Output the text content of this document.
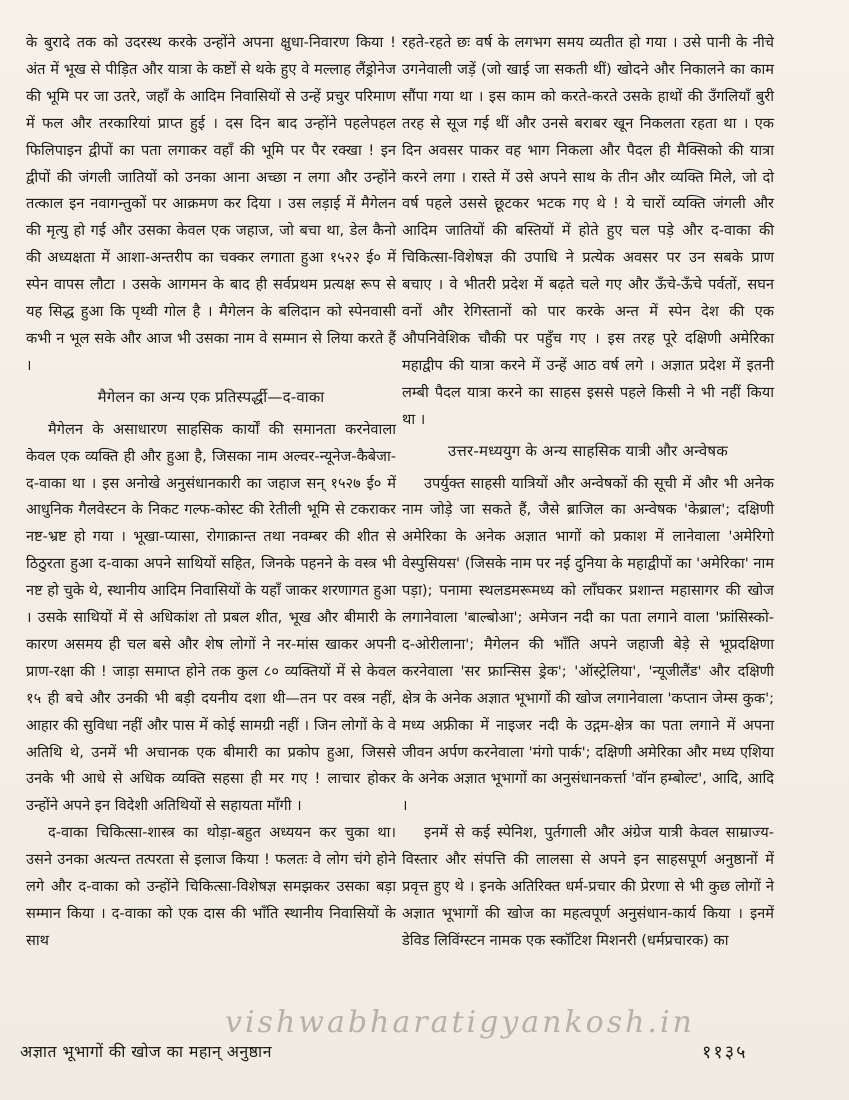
के बुरादे तक को उदरस्थ करके उन्होंने अपना क्षुधा-निवारण किया ! अंत में भूख से पीड़ित और यात्रा के कष्टों से थके हुए वे मल्लाह लैंड्रोनेज की भूमि पर जा उतरे, जहाँ के आदिम निवासियों से उन्हें प्रचुर परिमाण में फल और तरकारियां प्राप्त हुई । दस दिन बाद उन्होंने पहलेपहल फिलिपाइन द्वीपों का पता लगाकर वहाँ की भूमि पर पैर रक्खा ! इन द्वीपों की जंगली जातियों को उनका आना अच्छा न लगा और उन्होंने तत्काल इन नवागन्तुकों पर आक्रमण कर दिया । उस लड़ाई में मैगेलन की मृत्यु हो गई और उसका केवल एक जहाज, जो बचा था, डेल कैनो की अध्यक्षता में आशा-अन्तरीप का चक्कर लगाता हुआ १५२२ ई० में स्पेन वापस लौटा । उसके आगमन के बाद ही सर्वप्रथम प्रत्यक्ष रूप से यह सिद्ध हुआ कि पृथ्वी गोल है । मैगेलन के बलिदान को स्पेनवासी कभी न भूल सके और आज भी उसका नाम वे सम्मान से लिया करते हैं ।

मैगेलन का अन्य एक प्रतिस्पर्द्धी—द-वाका

मैगेलन के असाधारण साहसिक कार्यों की समानता करनेवाला केवल एक व्यक्ति ही और हुआ है, जिसका नाम अल्वर-न्यूनेज-कैबेजा-द-वाका था । इस अनोखे अनुसंधानकारी का जहाज सन् १५२७ ई० में आधुनिक गैलवेस्टन के निकट गल्फ-कोस्ट की रेतीली भूमि से टकराकर नष्ट-भ्रष्ट हो गया । भूखा-प्यासा, रोगाक्रान्त तथा नवम्बर की शीत से ठिठुरता हुआ द-वाका अपने साथियों सहित, जिनके पहनने के वस्त्र भी नष्ट हो चुके थे, स्थानीय आदिम निवासियों के यहाँ जाकर शरणागत हुआ । उसके साथियों में से अधिकांश तो प्रबल शीत, भूख और बीमारी के कारण असमय ही चल बसे और शेष लोगों ने नर-मांस खाकर अपनी प्राण-रक्षा की ! जाड़ा समाप्त होने तक कुल ८० व्यक्तियों में से केवल १५ ही बचे और उनकी भी बड़ी दयनीय दशा थी—तन पर वस्त्र नहीं, आहार की सुविधा नहीं और पास में कोई सामग्री नहीं । जिन लोगों के वे अतिथि थे, उनमें भी अचानक एक बीमारी का प्रकोप हुआ, जिससे उनके भी आधे से अधिक व्यक्ति सहसा ही मर गए ! लाचार होकर उन्होंने अपने इन विदेशी अतिथियों से सहायता माँगी ।

द-वाका चिकित्सा-शास्त्र का थोड़ा-बहुत अध्ययन कर चुका था। उसने उनका अत्यन्त तत्परता से इलाज किया ! फलतः वे लोग चंगे होने लगे और द-वाका को उन्होंने चिकित्सा-विशेषज्ञ समझकर उसका बड़ा सम्मान किया । द-वाका को एक दास की भाँति स्थानीय निवासियों के साथ

रहते-रहते छः वर्ष के लगभग समय व्यतीत हो गया । उसे पानी के नीचे उगनेवाली जड़ें (जो खाई जा सकती थीं) खोदने और निकालने का काम सौंपा गया था । इस काम को करते-करते उसके हाथों की उँगलियाँ बुरी तरह से सूज गई थीं और उनसे बराबर खून निकलता रहता था । एक दिन अवसर पाकर वह भाग निकला और पैदल ही मैक्सिको की यात्रा करने लगा । रास्ते में उसे अपने साथ के तीन और व्यक्ति मिले, जो दो वर्ष पहले उससे छूटकर भटक गए थे ! ये चारों व्यक्ति जंगली और आदिम जातियों की बस्तियों में होते हुए चल पड़े और द-वाका की चिकित्सा-विशेषज्ञ की उपाधि ने प्रत्येक अवसर पर उन सबके प्राण बचाए । वे भीतरी प्रदेश में बढ़ते चले गए और ऊँचे-ऊँचे पर्वतों, सघन वनों और रेगिस्तानों को पार करके अन्त में स्पेन देश की एक औपनिवेशिक चौकी पर पहुँच गए । इस तरह पूरे दक्षिणी अमेरिका महाद्वीप की यात्रा करने में उन्हें आठ वर्ष लगे । अज्ञात प्रदेश में इतनी लम्बी पैदल यात्रा करने का साहस इससे पहले किसी ने भी नहीं किया था ।

उत्तर-मध्ययुग के अन्य साहसिक यात्री और अन्वेषक

उपर्युक्त साहसी यात्रियों और अन्वेषकों की सूची में और भी अनेक नाम जोड़े जा सकते हैं, जैसे ब्राजिल का अन्वेषक 'केब्राल'; दक्षिणी अमेरिका के अनेक अज्ञात भागों को प्रकाश में लानेवाला 'अमेरिगो वेस्पुसियस' (जिसके नाम पर नई दुनिया के महाद्वीपों का 'अमेरिका' नाम पड़ा); पनामा स्थलडमरूमध्य को लाँघकर प्रशान्त महासागर की खोज लगानेवाला 'बाल्बोआ'; अमेजन नदी का पता लगाने वाला 'फ्रांसिस्को-द-ओरीलाना'; मैगेलन की भाँति अपने जहाजी बेड़े से भूप्रदक्षिणा करनेवाला 'सर फ्रान्सिस ड्रेक'; 'ऑस्ट्रेलिया', 'न्यूजीलैंड' और दक्षिणी क्षेत्र के अनेक अज्ञात भूभागों की खोज लगानेवाला 'कप्तान जेम्स कुक'; मध्य अफ्रीका में नाइजर नदी के उद्गम-क्षेत्र का पता लगाने में अपना जीवन अर्पण करनेवाला 'मंगो पार्क'; दक्षिणी अमेरिका और मध्य एशिया के अनेक अज्ञात भूभागों का अनुसंधानकर्त्ता 'वॉन हम्बोल्ट', आदि, आदि ।

इनमें से कई स्पेनिश, पुर्तगाली और अंग्रेज यात्री केवल साम्राज्य-विस्तार और संपत्ति की लालसा से अपने इन साहसपूर्ण अनुष्ठानों में प्रवृत्त हुए थे । इनके अतिरिक्त धर्म-प्रचार की प्रेरणा से भी कुछ लोगों ने अज्ञात भूभागों की खोज का महत्वपूर्ण अनुसंधान-कार्य किया । इनमें डेविड लिविंग्स्टन नामक एक स्कॉटिश मिशनरी (धर्मप्रचारक) का

vishwabharatigyankosh.in
अज्ञात भूभागों की खोज का महान् अनुष्ठान	११३५
